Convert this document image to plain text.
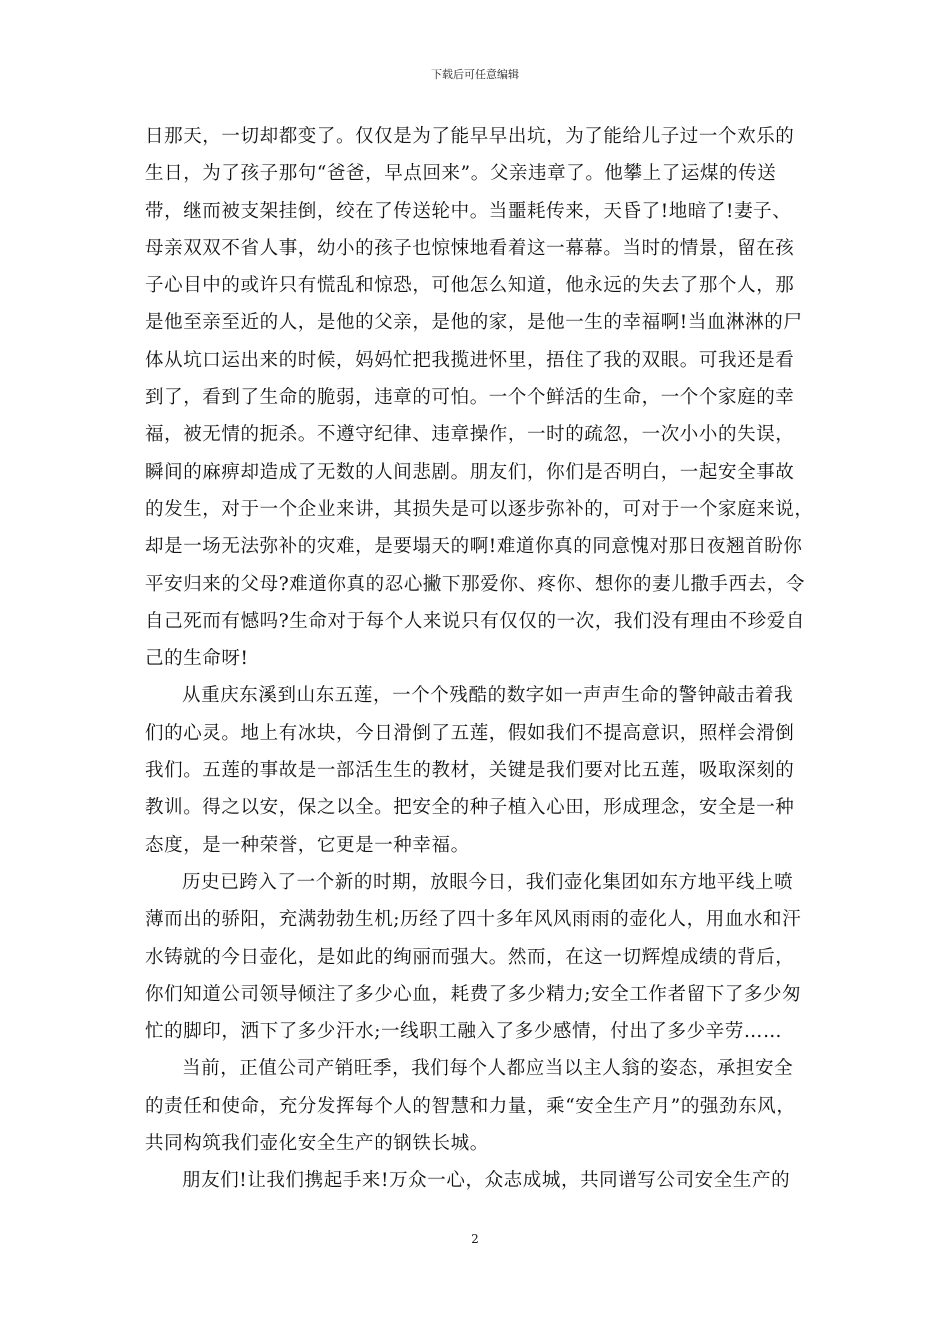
下载后可任意编辑
日那天，一切却都变了。仅仅是为了能早早出坑，为了能给儿子过一个欢乐的
生日，为了孩子那句“爸爸，早点回来”。父亲违章了。他攀上了运煤的传送
带，继而被支架挂倒，绞在了传送轮中。当噩耗传来，天昏了!地暗了!妻子、
母亲双双不省人事，幼小的孩子也惊悚地看着这一幕幕。当时的情景，留在孩
子心目中的或许只有慌乱和惊恐，可他怎么知道，他永远的失去了那个人，那
是他至亲至近的人，是他的父亲，是他的家，是他一生的幸福啊!当血淋淋的尸
体从坑口运出来的时候，妈妈忙把我揽进怀里，捂住了我的双眼。可我还是看
到了，看到了生命的脆弱，违章的可怕。一个个鲜活的生命，一个个家庭的幸
福，被无情的扼杀。不遵守纪律、违章操作，一时的疏忽，一次小小的失误，
瞬间的麻痹却造成了无数的人间悲剧。朋友们，你们是否明白，一起安全事故
的发生，对于一个企业来讲，其损失是可以逐步弥补的，可对于一个家庭来说，
却是一场无法弥补的灾难，是要塌天的啊!难道你真的同意愧对那日夜翘首盼你
平安归来的父母?难道你真的忍心撇下那爱你、疼你、想你的妻儿撒手西去，令
自己死而有憾吗?生命对于每个人来说只有仅仅的一次，我们没有理由不珍爱自
己的生命呀!
从重庆东溪到山东五莲，一个个残酷的数字如一声声生命的警钟敲击着我
们的心灵。地上有冰块，今日滑倒了五莲，假如我们不提高意识，照样会滑倒
我们。五莲的事故是一部活生生的教材，关键是我们要对比五莲，吸取深刻的
教训。得之以安，保之以全。把安全的种子植入心田，形成理念，安全是一种
态度，是一种荣誉，它更是一种幸福。
历史已跨入了一个新的时期，放眼今日，我们壶化集团如东方地平线上喷
薄而出的骄阳，充满勃勃生机;历经了四十多年风风雨雨的壶化人，用血水和汗
水铸就的今日壶化，是如此的绚丽而强大。然而，在这一切辉煌成绩的背后，
你们知道公司领导倾注了多少心血，耗费了多少精力;安全工作者留下了多少匆
忙的脚印，洒下了多少汗水;一线职工融入了多少感情，付出了多少辛劳……
当前，正值公司产销旺季，我们每个人都应当以主人翁的姿态，承担安全
的责任和使命，充分发挥每个人的智慧和力量，乘“安全生产月”的强劲东风，
共同构筑我们壶化安全生产的钢铁长城。
朋友们!让我们携起手来!万众一心，众志成城，共同谱写公司安全生产的
2
